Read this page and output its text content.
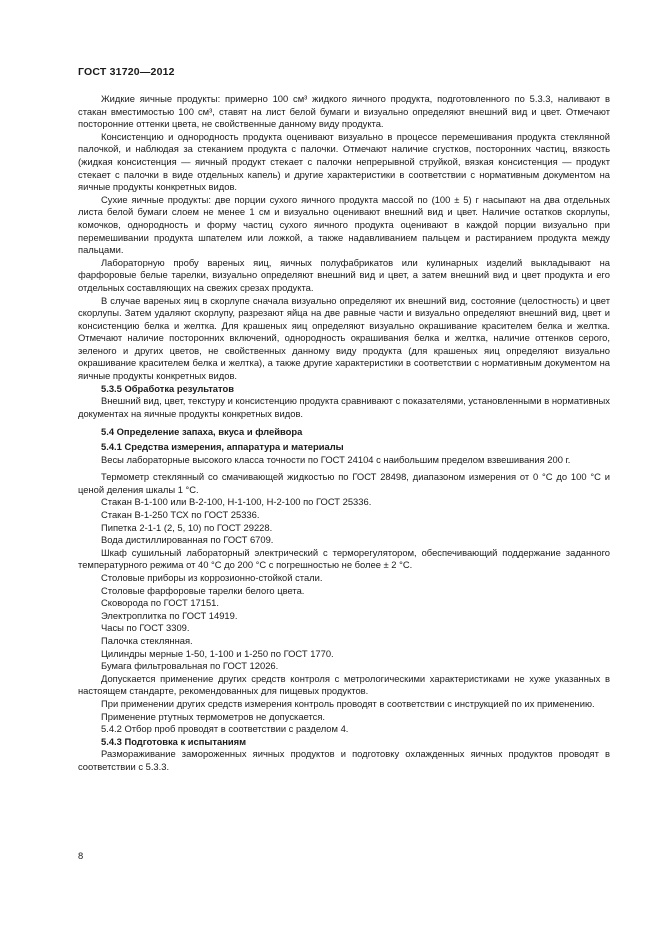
ГОСТ 31720—2012

Жидкие яичные продукты: примерно 100 см³ жидкого яичного продукта, подготовленного по 5.3.3, наливают в стакан вместимостью 100 см³, ставят на лист белой бумаги и визуально определяют внешний вид и цвет. Отмечают посторонние оттенки цвета, не свойственные данному виду продукта.

Консистенцию и однородность продукта оценивают визуально в процессе перемешивания продукта стеклянной палочкой, и наблюдая за стеканием продукта с палочки. Отмечают наличие сгустков, посторонних частиц, вязкость (жидкая консистенция — яичный продукт стекает с палочки непрерывной струйкой, вязкая консистенция — продукт стекает с палочки в виде отдельных капель) и другие характеристики в соответствии с нормативным документом на яичные продукты конкретных видов.

Сухие яичные продукты: две порции сухого яичного продукта массой по (100 ± 5) г насыпают на два отдельных листа белой бумаги слоем не менее 1 см и визуально оценивают внешний вид и цвет. Наличие остатков скорлупы, комочков, однородность и форму частиц сухого яичного продукта оценивают в каждой порции визуально при перемешивании продукта шпателем или ложкой, а также надавливанием пальцем и растиранием продукта между пальцами.

Лабораторную пробу вареных яиц, яичных полуфабрикатов или кулинарных изделий выкладывают на фарфоровые белые тарелки, визуально определяют внешний вид и цвет, а затем внешний вид и цвет продукта и его отдельных составляющих на свежих срезах продукта.

В случае вареных яиц в скорлупе сначала визуально определяют их внешний вид, состояние (целостность) и цвет скорлупы. Затем удаляют скорлупу, разрезают яйца на две равные части и визуально определяют внешний вид, цвет и консистенцию белка и желтка. Для крашеных яиц определяют визуально окрашивание красителем белка и желтка. Отмечают наличие посторонних включений, однородность окрашивания белка и желтка, наличие оттенков серого, зеленого и других цветов, не свойственных данному виду продукта (для крашеных яиц определяют визуально окрашивание красителем белка и желтка), а также другие характеристики в соответствии с нормативным документом на яичные продукты конкретных видов.

5.3.5 Обработка результатов

Внешний вид, цвет, текстуру и консистенцию продукта сравнивают с показателями, установленными в нормативных документах на яичные продукты конкретных видов.

5.4 Определение запаха, вкуса и флейвора

5.4.1 Средства измерения, аппаратура и материалы

Весы лабораторные высокого класса точности по ГОСТ 24104 с наибольшим пределом взвешивания 200 г.

Термометр стеклянный со смачивающей жидкостью по ГОСТ 28498, диапазоном измерения от 0 °С до 100 °С и ценой деления шкалы 1 °С.

Стакан В-1-100 или В-2-100, Н-1-100, Н-2-100 по ГОСТ 25336.

Стакан В-1-250 ТСХ по ГОСТ 25336.

Пипетка 2-1-1 (2, 5, 10) по ГОСТ 29228.

Вода дистиллированная по ГОСТ 6709.

Шкаф сушильный лабораторный электрический с терморегулятором, обеспечивающий поддержание заданного температурного режима от 40 °С до 200 °С с погрешностью не более ± 2 °С.

Столовые приборы из коррозионно-стойкой стали.

Столовые фарфоровые тарелки белого цвета.

Сковорода по ГОСТ 17151.

Электроплитка по ГОСТ 14919.

Часы по ГОСТ 3309.

Палочка стеклянная.

Цилиндры мерные 1-50, 1-100 и 1-250 по ГОСТ 1770.

Бумага фильтровальная по ГОСТ 12026.

Допускается применение других средств контроля с метрологическими характеристиками не хуже указанных в настоящем стандарте, рекомендованных для пищевых продуктов.

При применении других средств измерения контроль проводят в соответствии с инструкцией по их применению.

Применение ртутных термометров не допускается.

5.4.2 Отбор проб проводят в соответствии с разделом 4.

5.4.3 Подготовка к испытаниям

Размораживание замороженных яичных продуктов и подготовку охлажденных яичных продуктов проводят в соответствии с 5.3.3.

8
